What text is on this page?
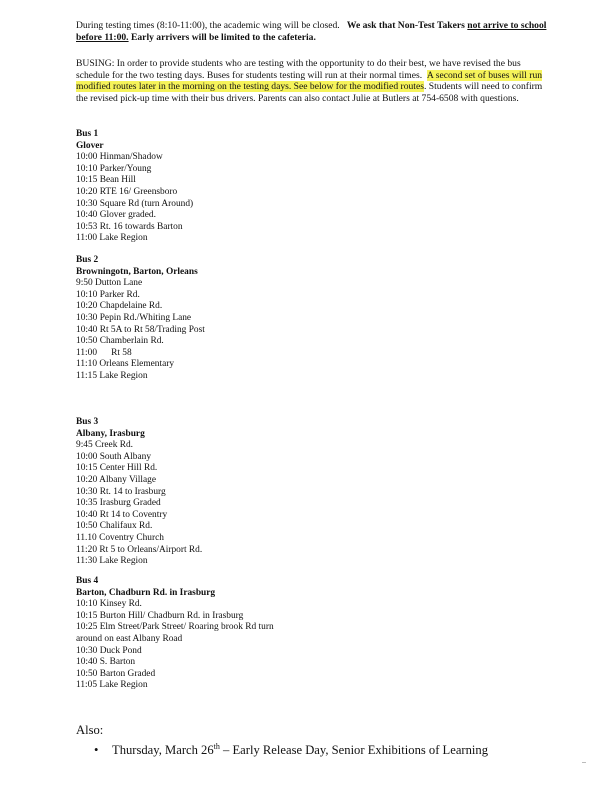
During testing times (8:10-11:00), the academic wing will be closed. We ask that Non-Test Takers not arrive to school before 11:00. Early arrivers will be limited to the cafeteria.
BUSING: In order to provide students who are testing with the opportunity to do their best, we have revised the bus schedule for the two testing days. Buses for students testing will run at their normal times. A second set of buses will run modified routes later in the morning on the testing days. See below for the modified routes. Students will need to confirm the revised pick-up time with their bus drivers. Parents can also contact Julie at Butlers at 754-6508 with questions.
Bus 1
Glover
10:00 Hinman/Shadow
10:10 Parker/Young
10:15 Bean Hill
10:20 RTE 16/ Greensboro
10:30 Square Rd (turn Around)
10:40 Glover graded.
10:53 Rt. 16 towards Barton
11:00 Lake Region
Bus 2
Browningotn, Barton, Orleans
9:50 Dutton Lane
10:10 Parker Rd.
10:20 Chapdelaine Rd.
10:30 Pepin Rd./Whiting Lane
10:40 Rt 5A to Rt 58/Trading Post
10:50 Chamberlain Rd.
11:00      Rt 58
11:10 Orleans Elementary
11:15 Lake Region
Bus 3
Albany, Irasburg
9:45 Creek Rd.
10:00 South Albany
10:15 Center Hill Rd.
10:20 Albany Village
10:30 Rt. 14 to Irasburg
10:35 Irasburg Graded
10:40 Rt 14 to Coventry
10:50 Chalifaux Rd.
11.10 Coventry Church
11:20 Rt 5 to Orleans/Airport Rd.
11:30 Lake Region
Bus 4
Barton, Chadburn Rd. in Irasburg
10:10 Kinsey Rd.
10:15 Burton Hill/ Chadburn Rd. in Irasburg
10:25 Elm Street/Park Street/ Roaring brook Rd turn
around on east Albany Road
10:30 Duck Pond
10:40 S. Barton
10:50 Barton Graded
11:05 Lake Region
Also:
• Thursday, March 26th – Early Release Day, Senior Exhibitions of Learning
